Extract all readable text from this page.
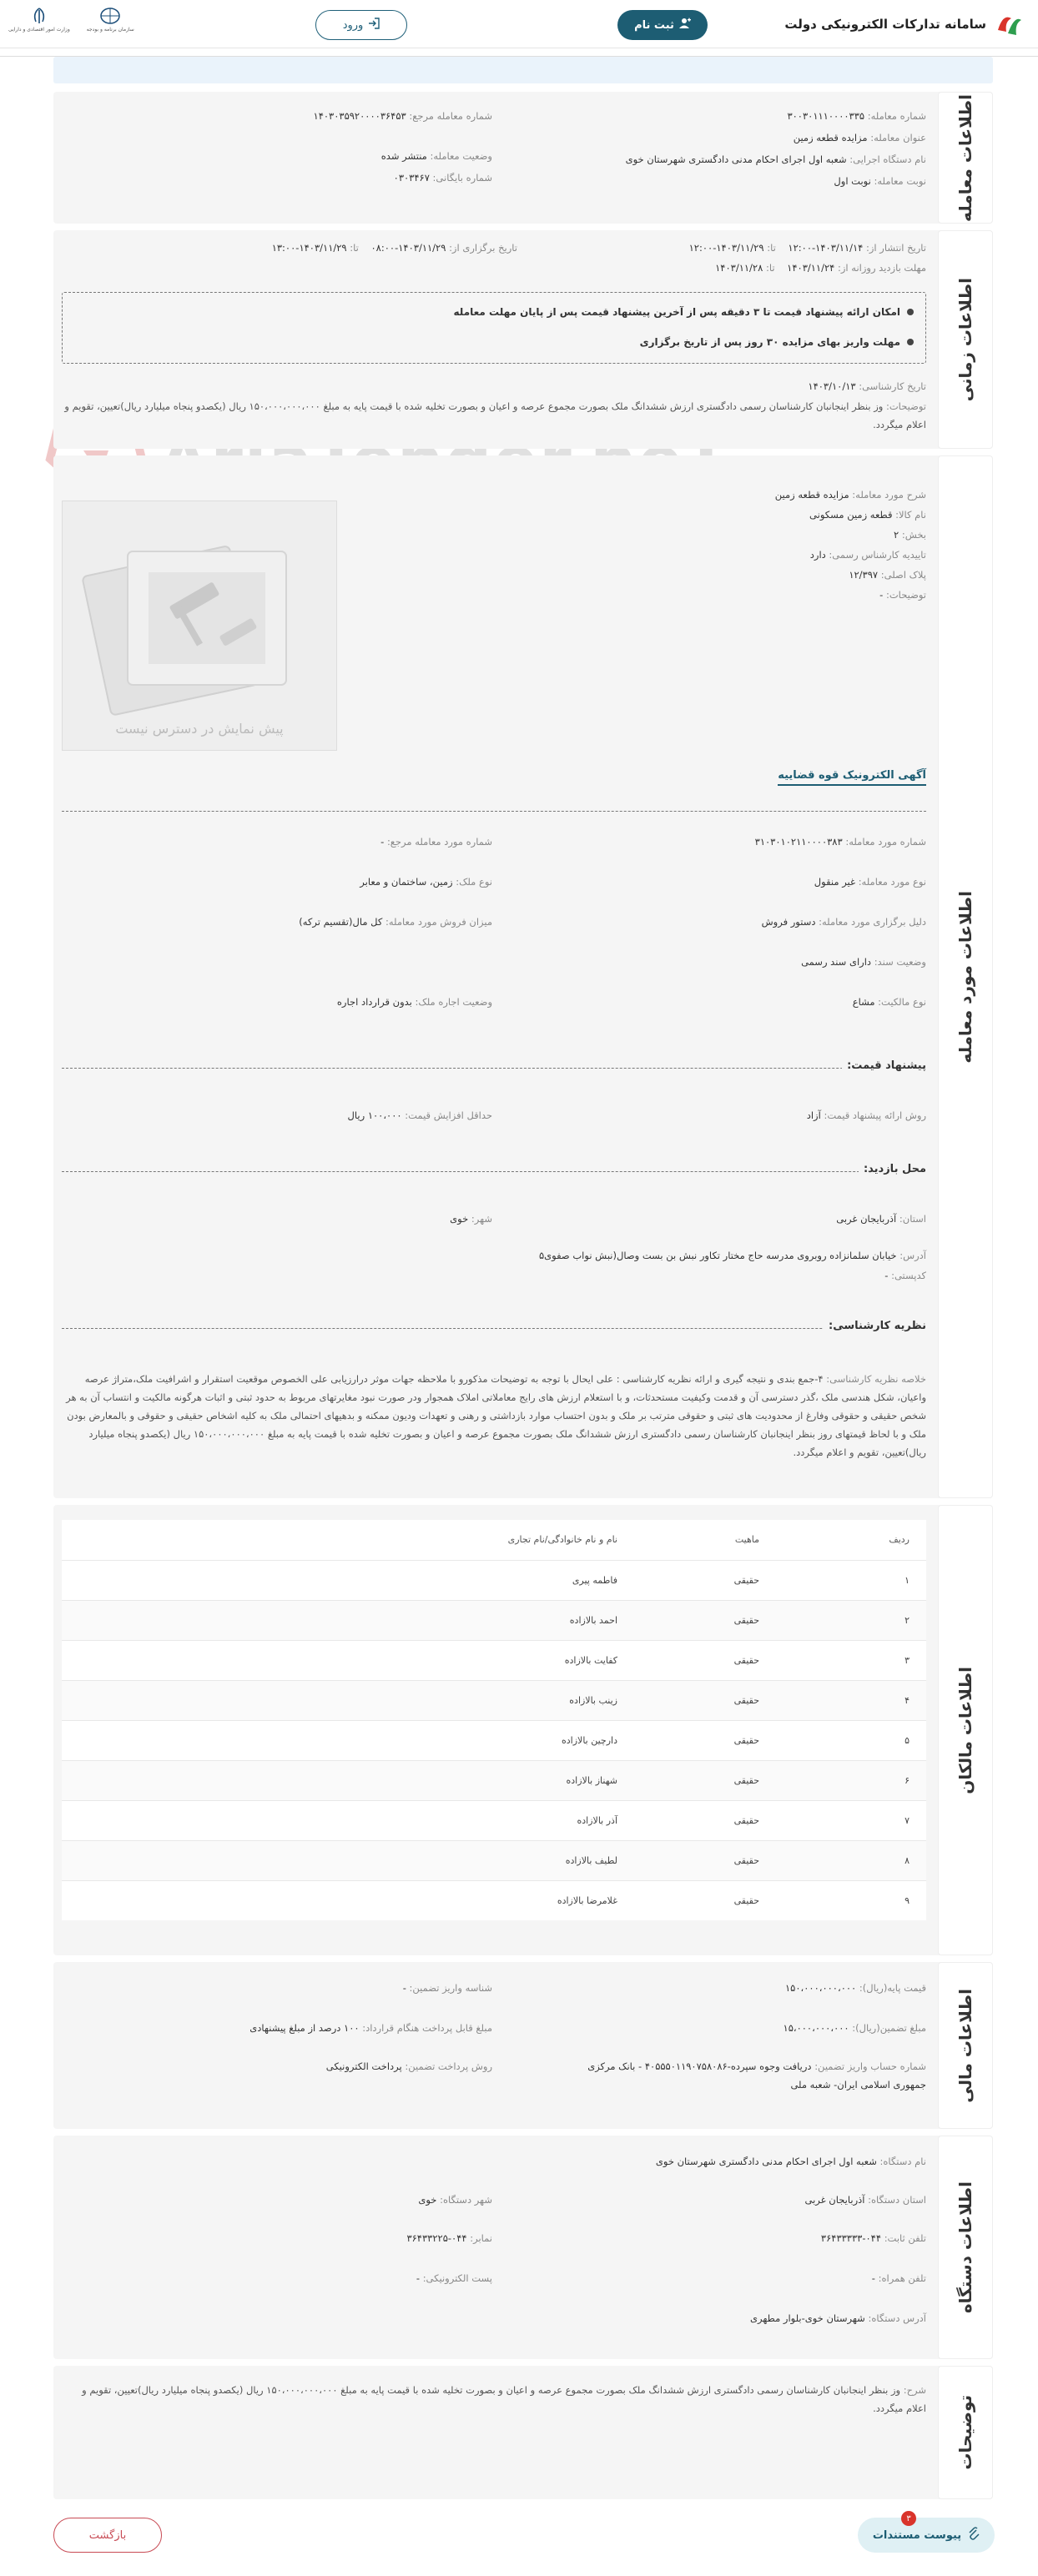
سامانه تدارکات الکترونیکی دولت
ثبت نام
ورود
سازمان برنامه و بودجه
وزارت امور اقتصادی و دارایی
اطلاعات معامله
شماره معامله: ۳۰۰۳۰۱۱۱۰۰۰۰۳۳۵
شماره معامله مرجع: ۱۴۰۳۰۳۵۹۲۰۰۰۰۳۶۴۵۳
عنوان معامله: مزایده قطعه زمین
وضعیت معامله: منتشر شده	نام دستگاه اجرایی: شعبه اول اجرای احکام مدنی دادگستری شهرستان خوی
شماره بایگانی: ۰۳۰۳۴۶۷	نوبت معامله: نوبت اول
اطلاعات زمانی
تاریخ انتشار از: ۱۴۰۳/۱۱/۱۴-۱۲:۰۰    تا: ۱۴۰۳/۱۱/۲۹-۱۲:۰۰
تاریخ برگزاری از: ۱۴۰۳/۱۱/۲۹-۰۸:۰۰    تا: ۱۴۰۳/۱۱/۲۹-۱۳:۰۰
مهلت بازدید روزانه از: ۱۴۰۳/۱۱/۲۴    تا: ۱۴۰۳/۱۱/۲۸
امکان ارائه پیشنهاد قیمت تا ۳ دقیقه پس از آخرین پیشنهاد قیمت پس از پایان مهلت معامله
مهلت واریز بهای مزایده ۳۰ روز پس از تاریخ برگزاری
تاریخ کارشناسی: ۱۴۰۳/۱۰/۱۳
توضیحات: وز بنظر اینجانبان کارشناسان رسمی دادگستری ارزش ششدانگ ملک بصورت مجموع عرصه و اعیان و بصورت تخلیه شده با قیمت پایه به مبلغ ۱۵۰،۰۰۰،۰۰۰،۰۰۰ ریال (یکصدو پنجاه میلیارد ریال)تعیین، تقویم و اعلام میگردد.
اطلاعات مورد معامله
شرح مورد معامله: مزایده قطعه زمین
نام کالا: قطعه زمین مسکونی
بخش: ۲
تاییدیه کارشناس رسمی: دارد
پلاک اصلی: ۱۲/۳۹۷
توضیحات: -
پیش نمایش در دسترس نیست
آگهی الکترونیک قوه قضاییه
شماره مورد معامله: ۳۱۰۳۰۱۰۲۱۱۰۰۰۰۳۸۳
شماره مورد معامله مرجع: -
نوع مورد معامله: غیر منقول
نوع ملک: زمین، ساختمان و معابر
دلیل برگزاری مورد معامله: دستور فروش
میزان فروش مورد معامله: کل مال(تقسیم ترکه)
وضعیت سند: دارای سند رسمی
نوع مالکیت: مشاع
وضعیت اجاره ملک: بدون قرارداد اجاره
پیشنهاد قیمت:
روش ارائه پیشنهاد قیمت: آزاد
حداقل افزایش قیمت: ۱۰۰،۰۰۰ ریال
محل بازدید:
استان: آذربایجان غربی
شهر: خوی
آدرس: خیابان سلمانزاده روبروی مدرسه حاج مختار تکاور نبش بن بست وصال(نبش نواب صفوی۵
کدپستی: -
نظریه کارشناسی:
خلاصه نظریه کارشناسی: ۴-جمع بندی و نتیجه گیری و ارائه نظریه کارشناسی : علی ایحال با توجه به توضیحات مذکورو با ملاحظه جهات موثر درارزیابی علی الخصوص موقعیت استقرار و اشرافیت ملک،متراژ عرصه واعیان، شکل هندسی ملک ،گذر دسترسی آن و قدمت وکیفیت مستحدثات، و با استعلام ارزش های رایج معاملاتی املاک همجوار ودر صورت نبود مغایرتهای مربوط به حدود ثبتی و اثبات هرگونه مالکیت و انتساب آن به هر شخص حقیقی و حقوقی وفارغ از محدودیت های ثبتی و حقوقی مترتب بر ملک و بدون احتساب موارد بازداشتی و رهنی و تعهدات ودیون ممکنه و بدهیهای احتمالی ملک به کلیه اشخاص حقیقی و حقوقی و بالمعارض بودن ملک و با لحاظ قیمتهای روز بنظر اینجانبان کارشناسان رسمی دادگستری ارزش ششدانگ ملک بصورت مجموع عرصه و اعیان و بصورت تخلیه شده با قیمت پایه به مبلغ ۱۵۰،۰۰۰،۰۰۰،۰۰۰ ریال (یکصدو پنجاه میلیارد ریال)تعیین، تقویم و اعلام میگردد.
اطلاعات مالکان
ردیف	ماهیت	نام و نام خانوادگی/نام تجاری
۱	حقیقی	فاطمه پیری
۲	حقیقی	احمد بالازاده
۳	حقیقی	کفایت بالازاده
۴	حقیقی	زینب بالازاده
۵	حقیقی	دارچین بالازاده
۶	حقیقی	شهناز بالازاده
۷	حقیقی	آذر بالازاده
۸	حقیقی	لطیف بالازاده
۹	حقیقی	غلامرضا بالازاده
اطلاعات مالی
قیمت پایه(ریال): ۱۵۰،۰۰۰،۰۰۰،۰۰۰
شناسه واریز تضمین: -
مبلغ تضمین(ریال): ۱۵،۰۰۰،۰۰۰،۰۰۰
مبلغ قابل پرداخت هنگام قرارداد: ۱۰۰ درصد از مبلغ پیشنهادی
شماره حساب واریز تضمین: دریافت وجوه سپرده-۴۰۵۵۵۰۱۱۹۰۷۵۸۰۸۶ - بانک مرکزی
جمهوری اسلامی ایران- شعبه ملی
روش پرداخت تضمین: پرداخت الکترونیکی
اطلاعات دستگاه
نام دستگاه: شعبه اول اجرای احکام مدنی دادگستری شهرستان خوی
استان دستگاه: آذربایجان غربی
شهر دستگاه: خوی
تلفن ثابت: ۰۴۴-۳۶۴۳۳۳۳۳
نمابر: ۰۴۴-۳۶۴۳۳۲۲۵
تلفن همراه: -
پست الکترونیکی: -
آدرس دستگاه: شهرستان خوی-بلوار مطهری
توضیحات
شرح: وز بنظر اینجانبان کارشناسان رسمی دادگستری ارزش ششدانگ ملک بصورت مجموع عرصه و اعیان و بصورت تخلیه شده با قیمت پایه به مبلغ ۱۵۰،۰۰۰،۰۰۰،۰۰۰ ریال (یکصدو پنجاه میلیارد ریال)تعیین، تقویم و اعلام میگردد.
پیوست مستندات
۳
بازگشت
